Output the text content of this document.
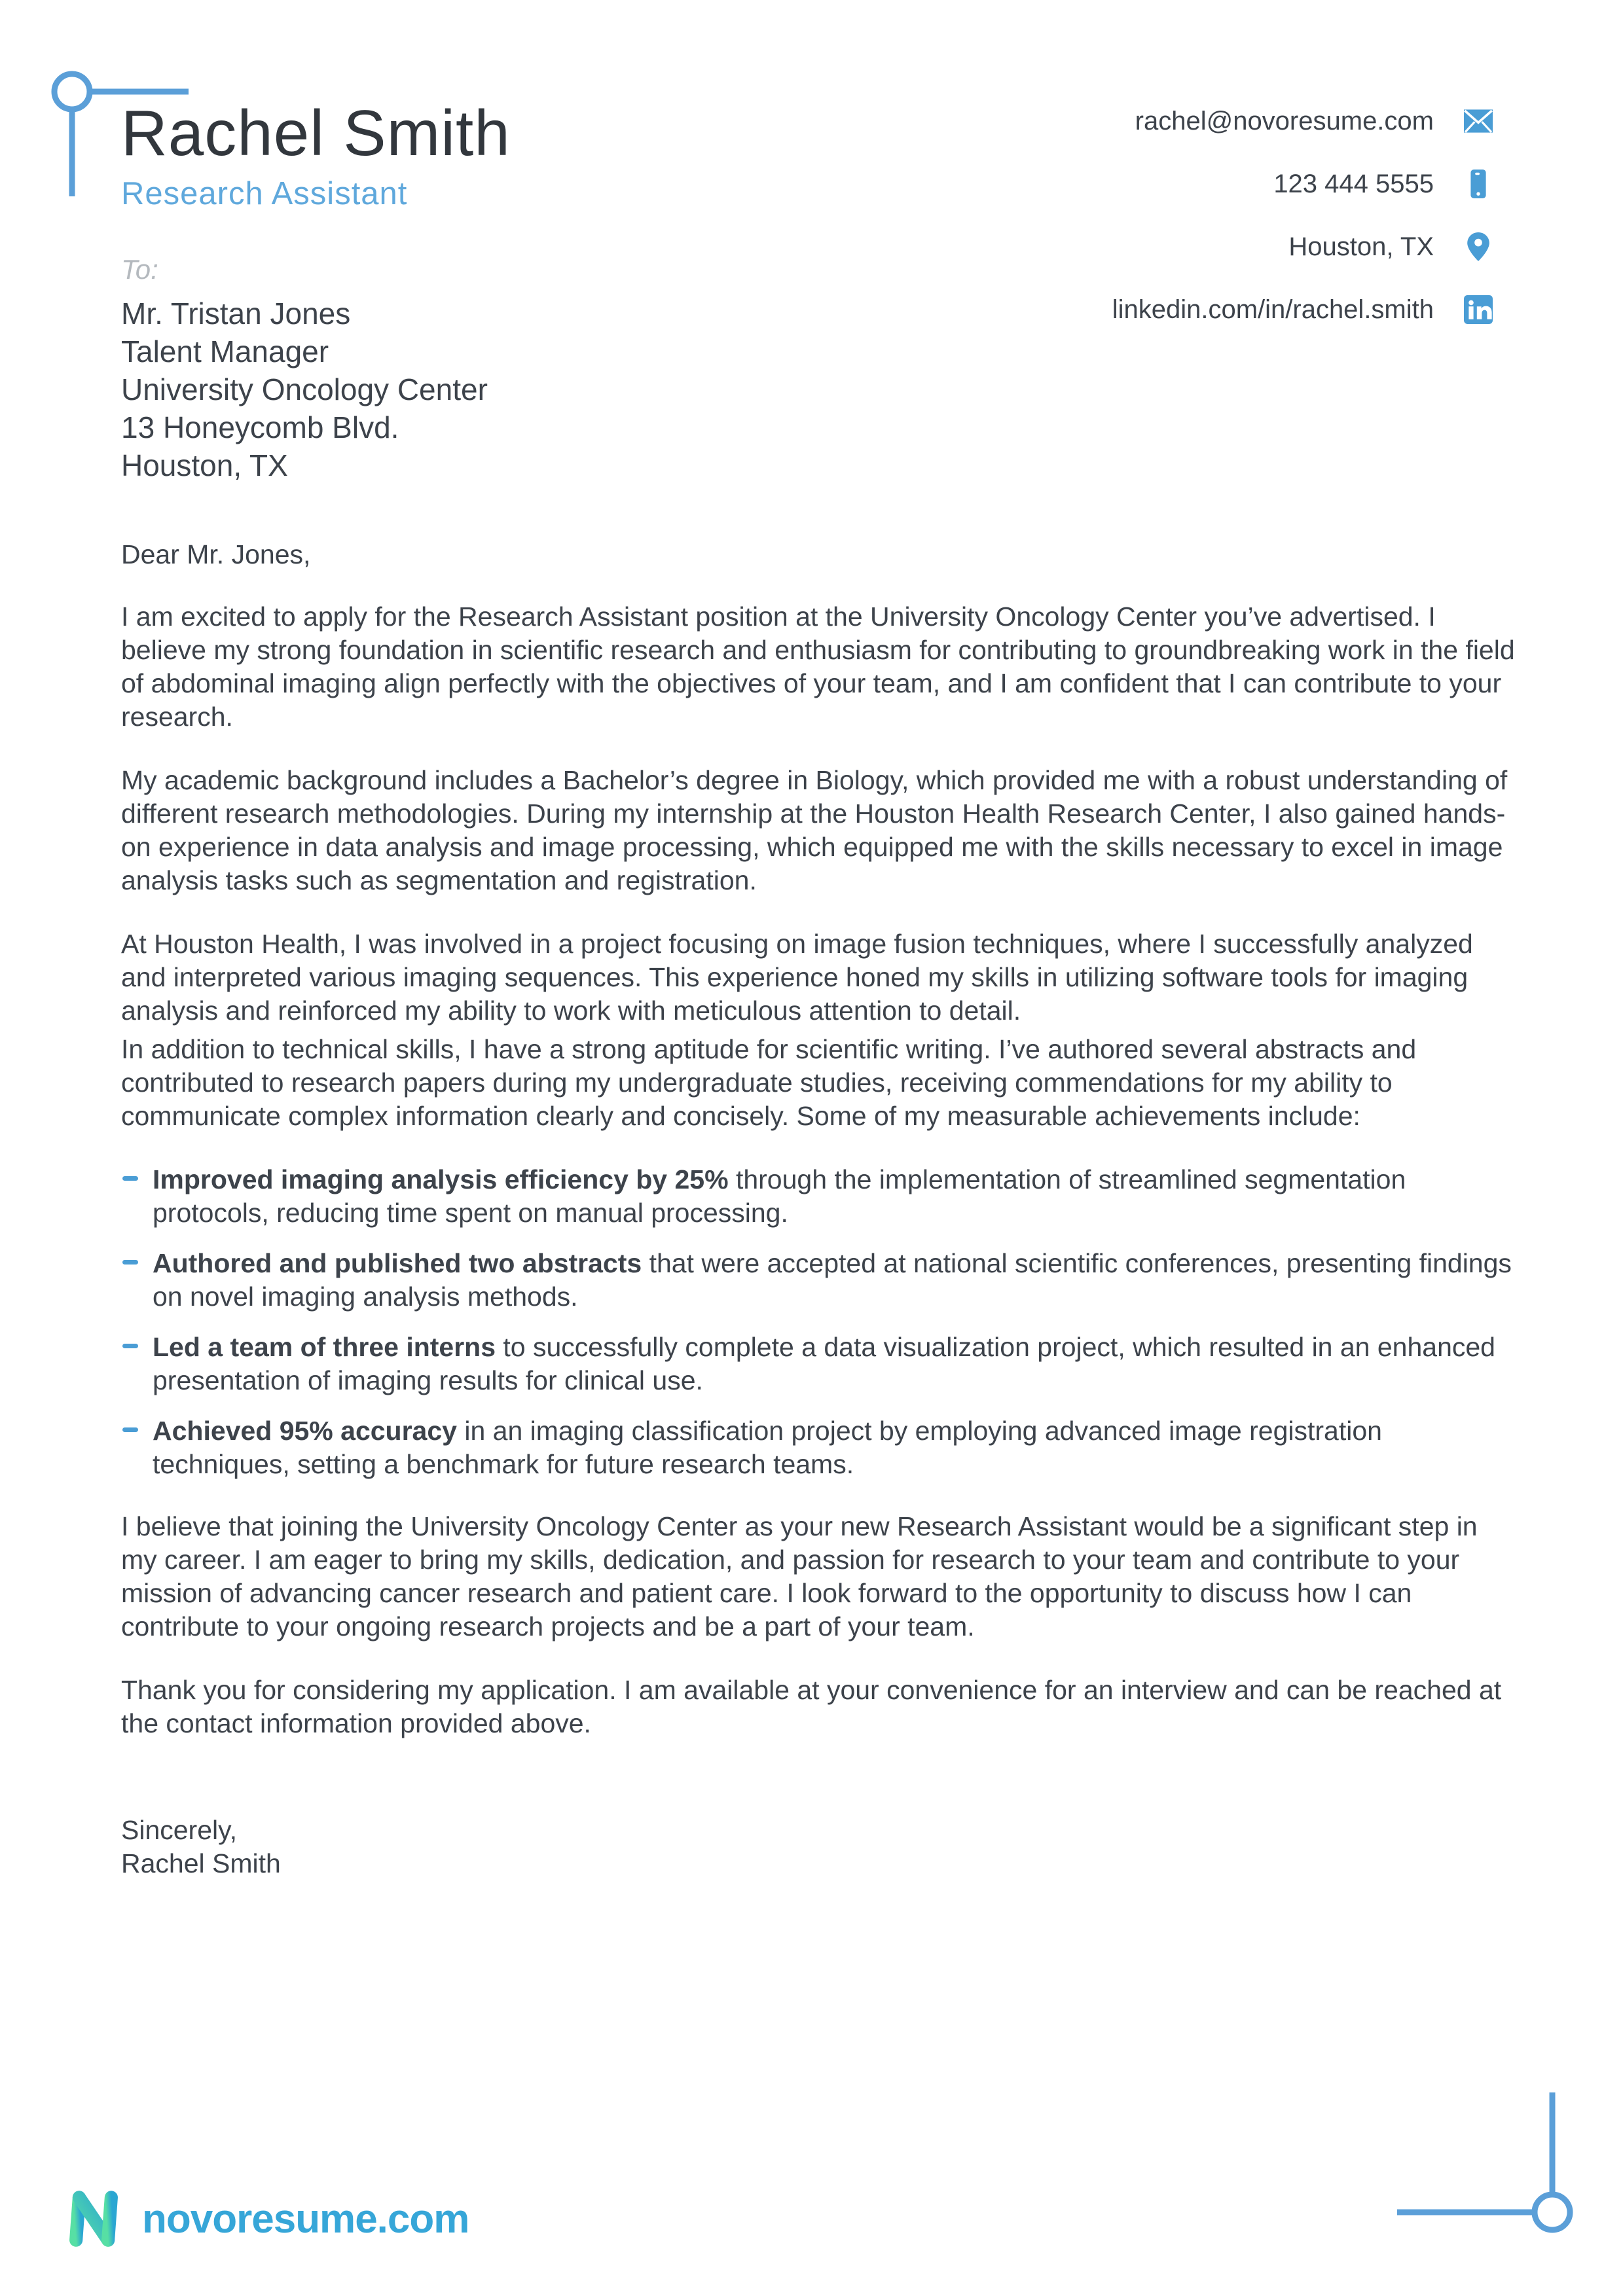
Rachel Smith
Research Assistant
rachel@novoresume.com
123 444 5555
Houston, TX
linkedin.com/in/rachel.smith
To:
Mr. Tristan Jones
Talent Manager
University Oncology Center
13 Honeycomb Blvd.
Houston, TX
Dear Mr. Jones,

I am excited to apply for the Research Assistant position at the University Oncology Center you’ve advertised. I believe my strong foundation in scientific research and enthusiasm for contributing to groundbreaking work in the field of abdominal imaging align perfectly with the objectives of your team, and I am confident that I can contribute to your research.

My academic background includes a Bachelor’s degree in Biology, which provided me with a robust understanding of different research methodologies. During my internship at the Houston Health Research Center, I also gained hands-on experience in data analysis and image processing, which equipped me with the skills necessary to excel in image analysis tasks such as segmentation and registration.

At Houston Health, I was involved in a project focusing on image fusion techniques, where I successfully analyzed and interpreted various imaging sequences. This experience honed my skills in utilizing software tools for imaging analysis and reinforced my ability to work with meticulous attention to detail.

In addition to technical skills, I have a strong aptitude for scientific writing. I’ve authored several abstracts and contributed to research papers during my undergraduate studies, receiving commendations for my ability to communicate complex information clearly and concisely. Some of my measurable achievements include:

Improved imaging analysis efficiency by 25% through the implementation of streamlined segmentation protocols, reducing time spent on manual processing.
Authored and published two abstracts that were accepted at national scientific conferences, presenting findings on novel imaging analysis methods.
Led a team of three interns to successfully complete a data visualization project, which resulted in an enhanced presentation of imaging results for clinical use.
Achieved 95% accuracy in an imaging classification project by employing advanced image registration techniques, setting a benchmark for future research teams.

I believe that joining the University Oncology Center as your new Research Assistant would be a significant step in my career. I am eager to bring my skills, dedication, and passion for research to your team and contribute to your mission of advancing cancer research and patient care. I look forward to the opportunity to discuss how I can contribute to your ongoing research projects and be a part of your team.

Thank you for considering my application. I am available at your convenience for an interview and can be reached at the contact information provided above.

Sincerely,
Rachel Smith
novoresume.com
